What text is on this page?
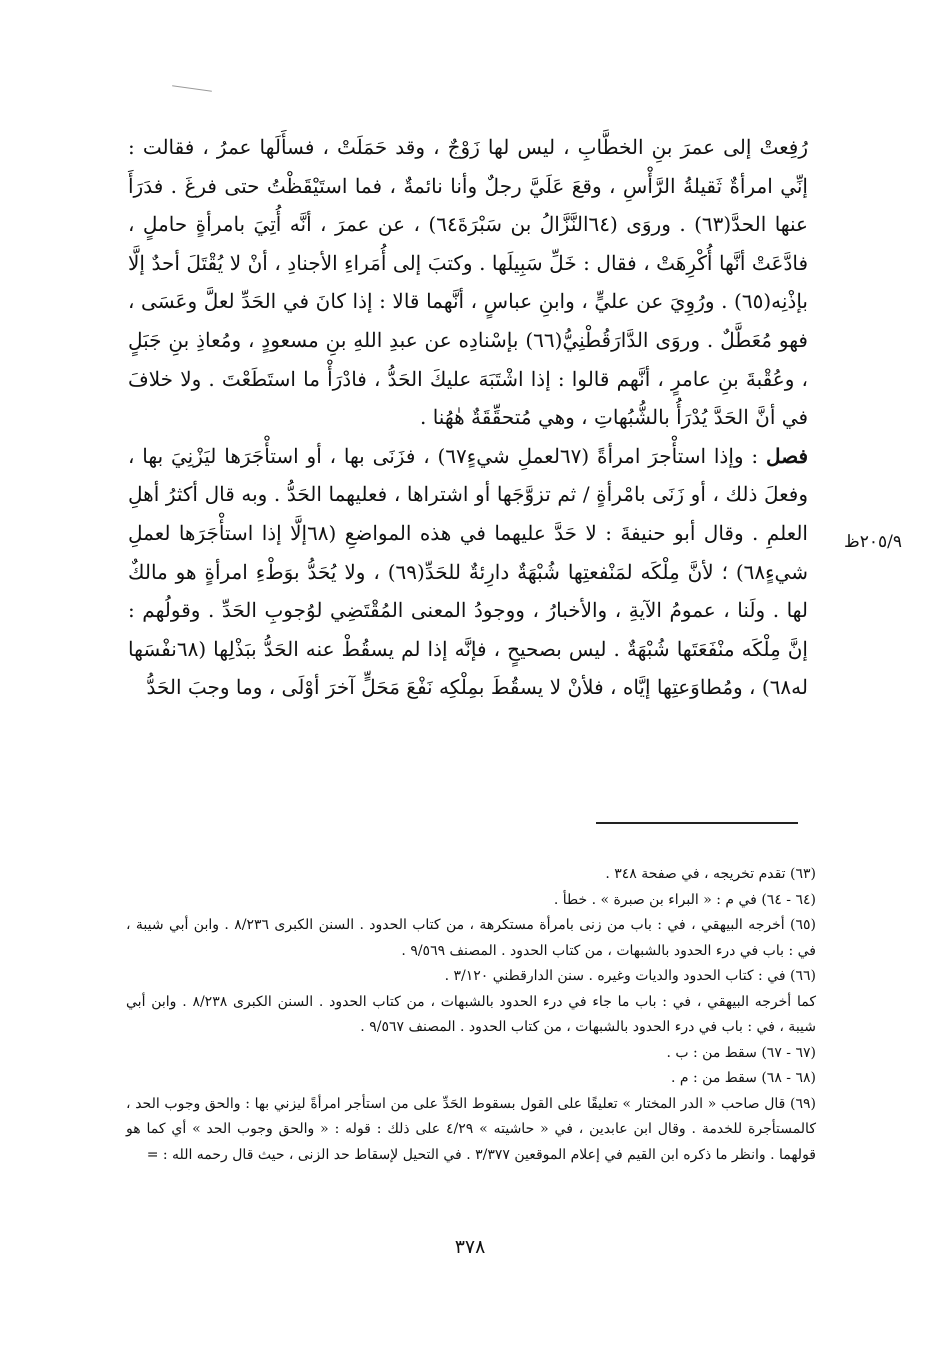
رُفِعتْ إلى عمرَ بنِ الخطَّابِ ، ليس لها زَوْجٌ ، وقد حَمَلَتْ ، فسأَلَها عمرُ ، فقالت : إنِّي امرأةٌ ثَقيلةُ الرَّأْسِ ، وقعَ عَلَيَّ رجلٌ وأنا نائمةٌ ، فما استَيْقَظْتُ حتى فرغَ . فدَرَأَ عنها الحدَّ(٦٣) . وروَى (٦٤النَّزَّالُ بن سَبْرَةَ٦٤) ، عن عمرَ ، أنَّه أُتِيَ بامرأةٍ حاملٍ ، فادَّعَتْ أنَّها أُكْرِهَتْ ، فقال : خَلِّ سَبِيلَها . وكتبَ إلى أُمَراءِ الأجنادِ ، أنْ لا يُقْتَلَ أحدٌ إلَّا بإذْنِه(٦٥) . ورُوِيَ عن عليٍّ ، وابنِ عباسٍ ، أنَّهما قالا : إذا كانَ في الحَدِّ لعلَّ وعَسَى ، فهو مُعَطَّلٌ . وروَى الدَّارَقُطْنِيُّ(٦٦) بإسْنادِه عن عبدِ اللهِ بنِ مسعودٍ ، ومُعاذِ بنِ جَبَلٍ ، وعُقْبةَ بنِ عامرٍ ، أنَّهم قالوا : إذا اشْتَبَهَ عليكَ الحَدُّ ، فادْرَأْ ما استَطَعْتَ . ولا خلافَ في أنَّ الحَدَّ يُدْرَأُ بالشُّبُهاتِ ، وهي مُتحقِّقَةٌ هٰهُنا .

فصل : وإذا استأْجرَ امرأةً (٦٧لعملِ شيءٍ٦٧) ، فزَنَى بها ، أو استأْجَرَها ليَزْنِيَ بها ، وفعلَ ذلك ، أو زَنَى بامْرأةٍ / ثم تزوَّجَها أو اشتراها ، فعليهما الحَدُّ . وبه قال أكثرُ أهلِ العلمِ . وقال أبو حنيفةَ : لا حَدَّ عليهما في هذه المواضعِ (٦٨إلَّا إذا استأْجَرَها لعملِ شيءٍ٦٨) ؛ لأنَّ مِلْكَه لمَنْفعتِها شُبْهَةٌ دارِئةٌ للحَدِّ(٦٩) ، ولا يُحَدُّ بوَطْءِ امرأةٍ هو مالكٌ لها . ولَنا ، عمومُ الآيةِ ، والأخبارُ ، ووجودُ المعنى المُقْتَضِي لوُجوبِ الحَدِّ . وقولُهم : إنَّ مِلْكَه منْفَعَتَها شُبْهَةٌ . ليس بصحيحٍ ، فإنَّه إذا لم يسقُطْ عنه الحَدُّ ببَذْلِها (٦٨نفْسَها له٦٨) ، ومُطاوَعتِها إيَّاه ، فلأنْ لا يسقُطَ بمِلْكِه نَفْعَ مَحَلٍّ آخرَ أوْلَى ، وما وجبَ الحَدُّ

٢٠٥/٩ظ

(٦٣) تقدم تخريجه ، في صفحة ٣٤٨ .

(٦٤ - ٦٤) في م : « البراء بن صبرة » . خطأ .

(٦٥) أخرجه البيهقي ، في : باب من زنى بامرأة مستكرهة ، من كتاب الحدود . السنن الكبرى ٨/٢٣٦ . وابن أبي شيبة ، في : باب في درء الحدود بالشبهات ، من كتاب الحدود . المصنف ٩/٥٦٩ .

(٦٦) في : كتاب الحدود والديات وغيره . سنن الدارقطني ٣/١٢٠ .

كما أخرجه البيهقي ، في : باب ما جاء في درء الحدود بالشبهات ، من كتاب الحدود . السنن الكبرى ٨/٢٣٨ . وابن أبي شيبة ، في : باب في درء الحدود بالشبهات ، من كتاب الحدود . المصنف ٩/٥٦٧ .

(٦٧ - ٦٧) سقط من : ب .

(٦٨ - ٦٨) سقط من : م .

(٦٩) قال صاحب « الدر المختار » تعليقًا على القول بسقوط الحَدِّ على من استأجر امرأةً ليزني بها : والحق وجوب الحد ، كالمستأجرة للخدمة . وقال ابن عابدين ، في « حاشيته » ٤/٢٩ على ذلك : قوله : « والحق وجوب الحد » أي كما هو قولهما . وانظر ما ذكره ابن القيم في إعلام الموقعين ٣/٣٧٧ . في التحيل لإسقاط حد الزنى ، حيث قال رحمه الله : =

٣٧٨
